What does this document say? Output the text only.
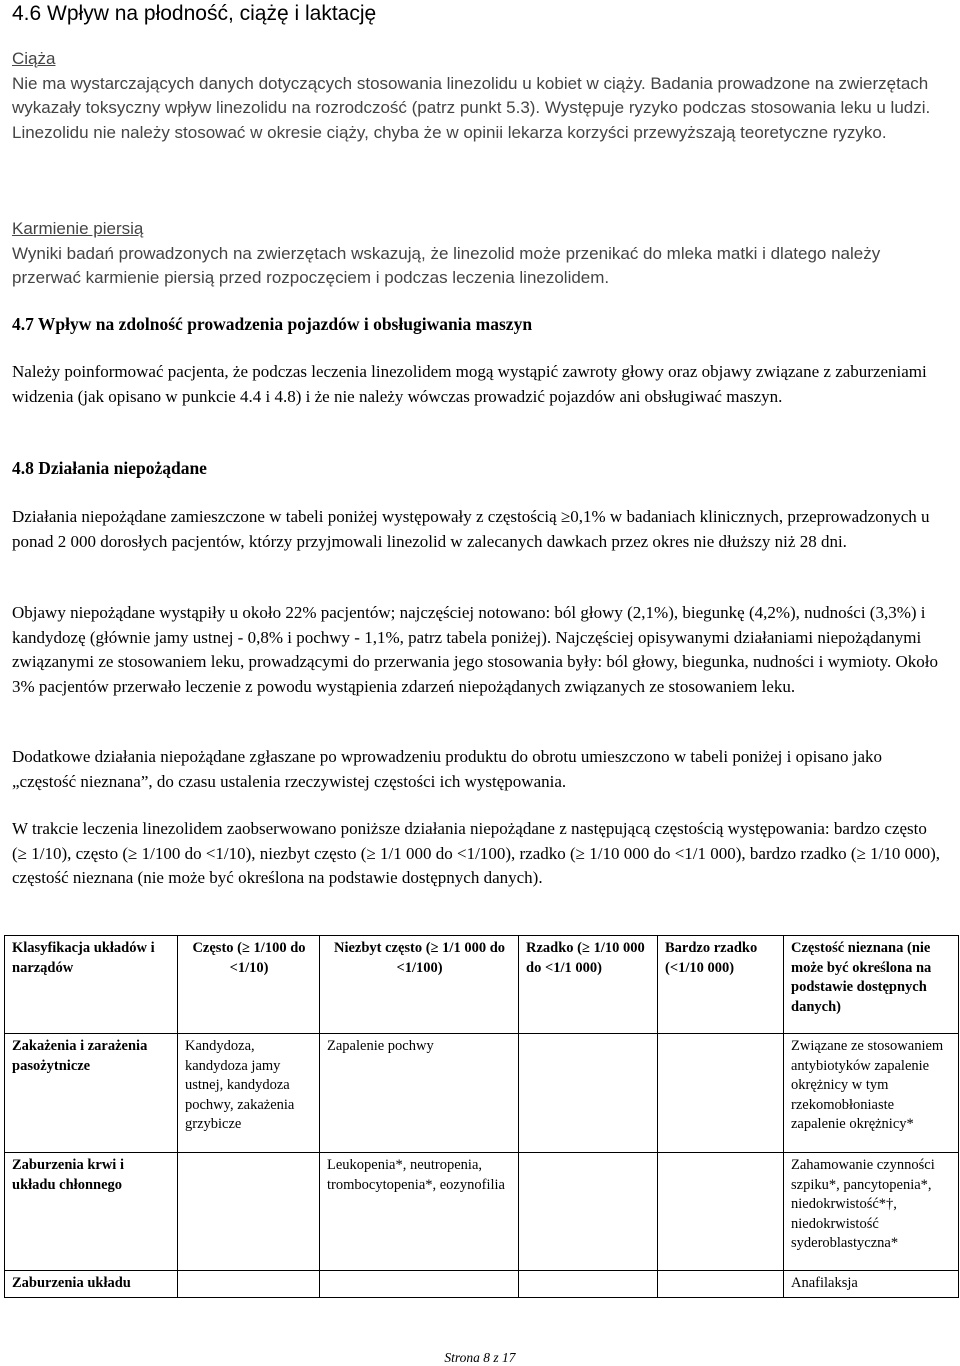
4.6 Wpływ na płodność, ciążę i laktację
Ciąża
Nie ma wystarczających danych dotyczących stosowania linezolidu u kobiet w ciąży. Badania prowadzone na zwierzętach wykazały toksyczny wpływ linezolidu na rozrodczość (patrz punkt 5.3). Występuje ryzyko podczas stosowania leku u ludzi.
Linezolidu nie należy stosować w okresie ciąży, chyba że w opinii lekarza korzyści przewyższają teoretyczne ryzyko.
Karmienie piersią
Wyniki badań prowadzonych na zwierzętach wskazują, że linezolid może przenikać do mleka matki i dlatego należy przerwać karmienie piersią przed rozpoczęciem i podczas leczenia linezolidem.
4.7 Wpływ na zdolność prowadzenia pojazdów i obsługiwania maszyn

Należy poinformować pacjenta, że podczas leczenia linezolidem mogą wystąpić zawroty głowy oraz objawy związane z zaburzeniami widzenia (jak opisano w punkcie 4.4 i 4.8) i że nie należy wówczas prowadzić pojazdów ani obsługiwać maszyn.

4.8 Działania niepożądane

Działania niepożądane zamieszczone w tabeli poniżej występowały z częstością ≥0,1% w badaniach klinicznych, przeprowadzonych u ponad 2 000 dorosłych pacjentów, którzy przyjmowali linezolid w zalecanych dawkach przez okres nie dłuższy niż 28 dni.

Objawy niepożądane wystąpiły u około 22% pacjentów; najczęściej notowano: ból głowy (2,1%), biegunkę (4,2%), nudności (3,3%) i kandydozę (głównie jamy ustnej - 0,8% i pochwy - 1,1%, patrz tabela poniżej). Najczęściej opisywanymi działaniami niepożądanymi związanymi ze stosowaniem leku, prowadzącymi do przerwania jego stosowania były: ból głowy, biegunka, nudności i wymioty. Około 3% pacjentów przerwało leczenie z powodu wystąpienia zdarzeń niepożądanych związanych ze stosowaniem leku.

Dodatkowe działania niepożądane zgłaszane po wprowadzeniu produktu do obrotu umieszczono w tabeli poniżej i opisano jako „częstość nieznana”, do czasu ustalenia rzeczywistej częstości ich występowania.

W trakcie leczenia linezolidem zaobserwowano poniższe działania niepożądane z następującą częstością występowania: bardzo często (≥ 1/10), często (≥ 1/100 do <1/10), niezbyt często (≥ 1/1 000 do <1/100), rzadko (≥ 1/10 000 do <1/1 000), bardzo rzadko (≥ 1/10 000), częstość nieznana (nie może być określona na podstawie dostępnych danych).

Klasyfikacja układów i narządów	Często (≥ 1/100 do <1/10)	Niezbyt często (≥ 1/1 000 do <1/100)	Rzadko (≥ 1/10 000 do <1/1 000)	Bardzo rzadko (<1/10 000)	Częstość nieznana (nie może być określona na podstawie dostępnych danych)
Zakażenia i zarażenia pasożytnicze	Kandydoza, kandydoza jamy ustnej, kandydoza pochwy, zakażenia grzybicze	Zapalenie pochwy			Związane ze stosowaniem antybiotyków zapalenie okrężnicy w tym rzekomobłoniaste zapalenie okrężnicy*
Zaburzenia krwi i układu chłonnego		Leukopenia*, neutropenia, trombocytopenia*, eozynofilia			Zahamowanie czynności szpiku*, pancytopenia*, niedokrwistość*†, niedokrwistość syderoblastyczna*
Zaburzenia układu					Anafilaksja
Strona 8 z 17
